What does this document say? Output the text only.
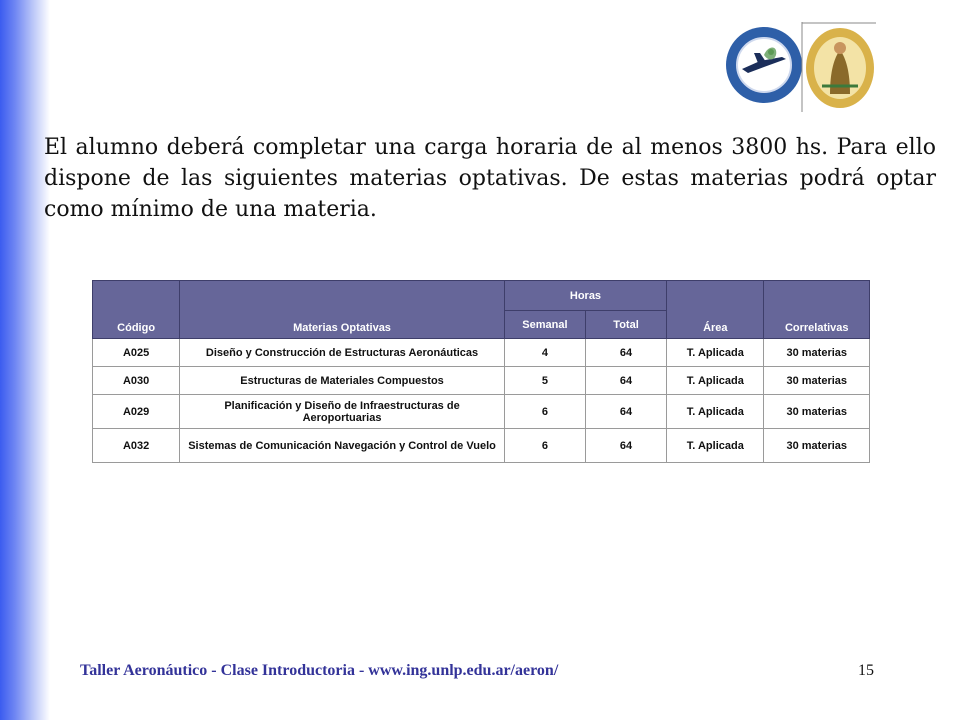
El alumno deberá completar una carga horaria de al menos 3800 hs. Para ello dispone de las siguientes materias optativas. De estas materias podrá optar como mínimo de una materia.

Código	Materias Optativas	Horas		Área	Correlativas
		Semanal	Total		
A025	Diseño y Construcción de Estructuras Aeronáuticas	4	64	T. Aplicada	30 materias
A030	Estructuras de Materiales Compuestos	5	64	T. Aplicada	30 materias
A029	Planificación y Diseño de Infraestructuras de Aeroportuarias	6	64	T. Aplicada	30 materias
A032	Sistemas de Comunicación Navegación y Control de Vuelo	6	64	T. Aplicada	30 materias
Taller Aeronáutico - Clase Introductoria - www.ing.unlp.edu.ar/aeron/	15
